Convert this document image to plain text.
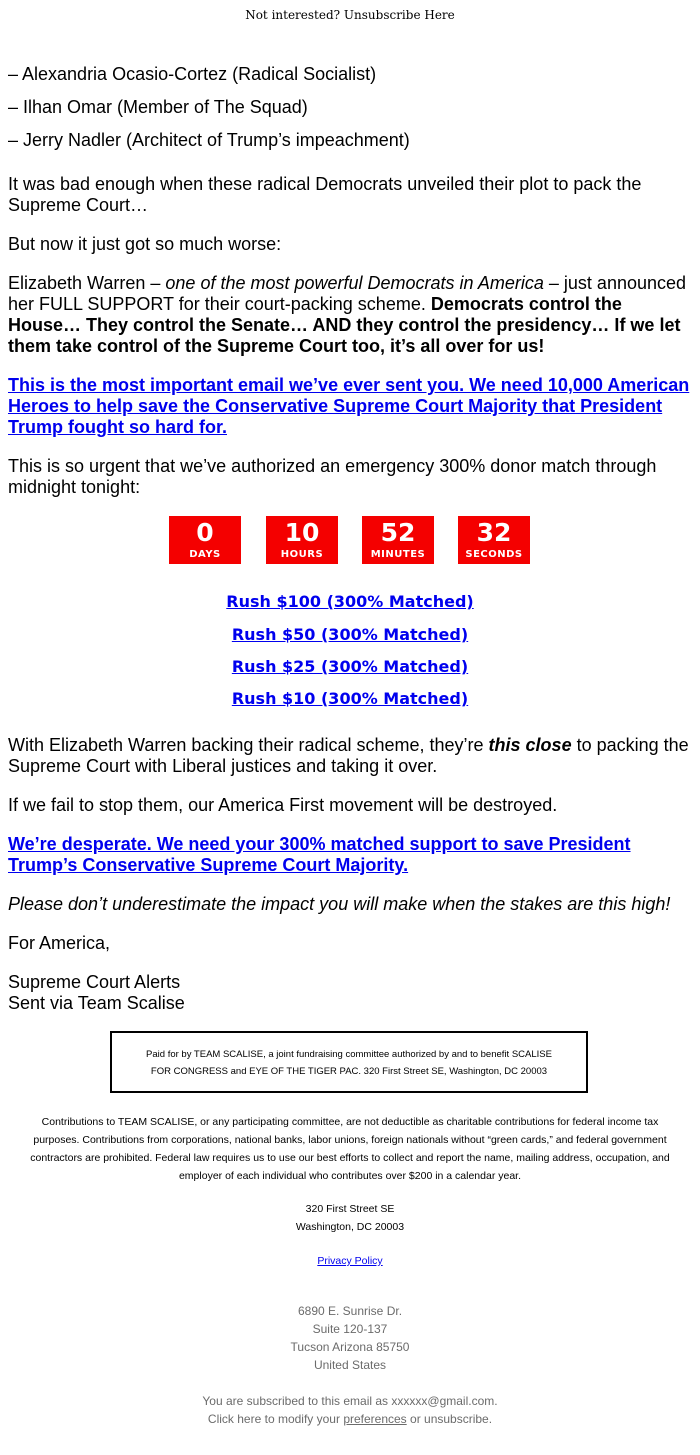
Not interested? Unsubscribe Here

– Alexandria Ocasio-Cortez (Radical Socialist)

– Ilhan Omar (Member of The Squad)

– Jerry Nadler (Architect of Trump’s impeachment)

It was bad enough when these radical Democrats unveiled their plot to pack the

Supreme Court…

But now it just got so much worse:

Elizabeth Warren – one of the most powerful Democrats in America – just announced

her FULL SUPPORT for their court-packing scheme. Democrats control the

House… They control the Senate… AND they control the presidency… If we let

them take control of the Supreme Court too, it’s all over for us!

This is the most important email we’ve ever sent you. We need 10,000 American
Heroes to help save the Conservative Supreme Court Majority that President
Trump fought so hard for.

This is so urgent that we’ve authorized an emergency 300% donor match through

midnight tonight:

0
DAYS
10
HOURS
52
MINUTES
32
SECONDS
Rush $100 (300% Matched)
Rush $50 (300% Matched)
Rush $25 (300% Matched)
Rush $10 (300% Matched)

With Elizabeth Warren backing their radical scheme, they’re this close to packing the

Supreme Court with Liberal justices and taking it over.

If we fail to stop them, our America First movement will be destroyed.

We’re desperate. We need your 300% matched support to save President
Trump’s Conservative Supreme Court Majority.

Please don’t underestimate the impact you will make when the stakes are this high!

For America,

Supreme Court Alerts

Sent via Team Scalise

Paid for by TEAM SCALISE, a joint fundraising committee authorized by and to benefit SCALISE
FOR CONGRESS and EYE OF THE TIGER PAC. 320 First Street SE, Washington, DC 20003
Contributions to TEAM SCALISE, or any participating committee, are not deductible as charitable contributions for federal income tax
purposes. Contributions from corporations, national banks, labor unions, foreign nationals without “green cards,” and federal government
contractors are prohibited. Federal law requires us to use our best efforts to collect and report the name, mailing address, occupation, and
employer of each individual who contributes over $200 in a calendar year.
320 First Street SE
Washington, DC 20003
Privacy Policy
6890 E. Sunrise Dr.
Suite 120-137
Tucson Arizona 85750
United States
You are subscribed to this email as xxxxxx@gmail.com.
Click here to modify your preferences or unsubscribe.
